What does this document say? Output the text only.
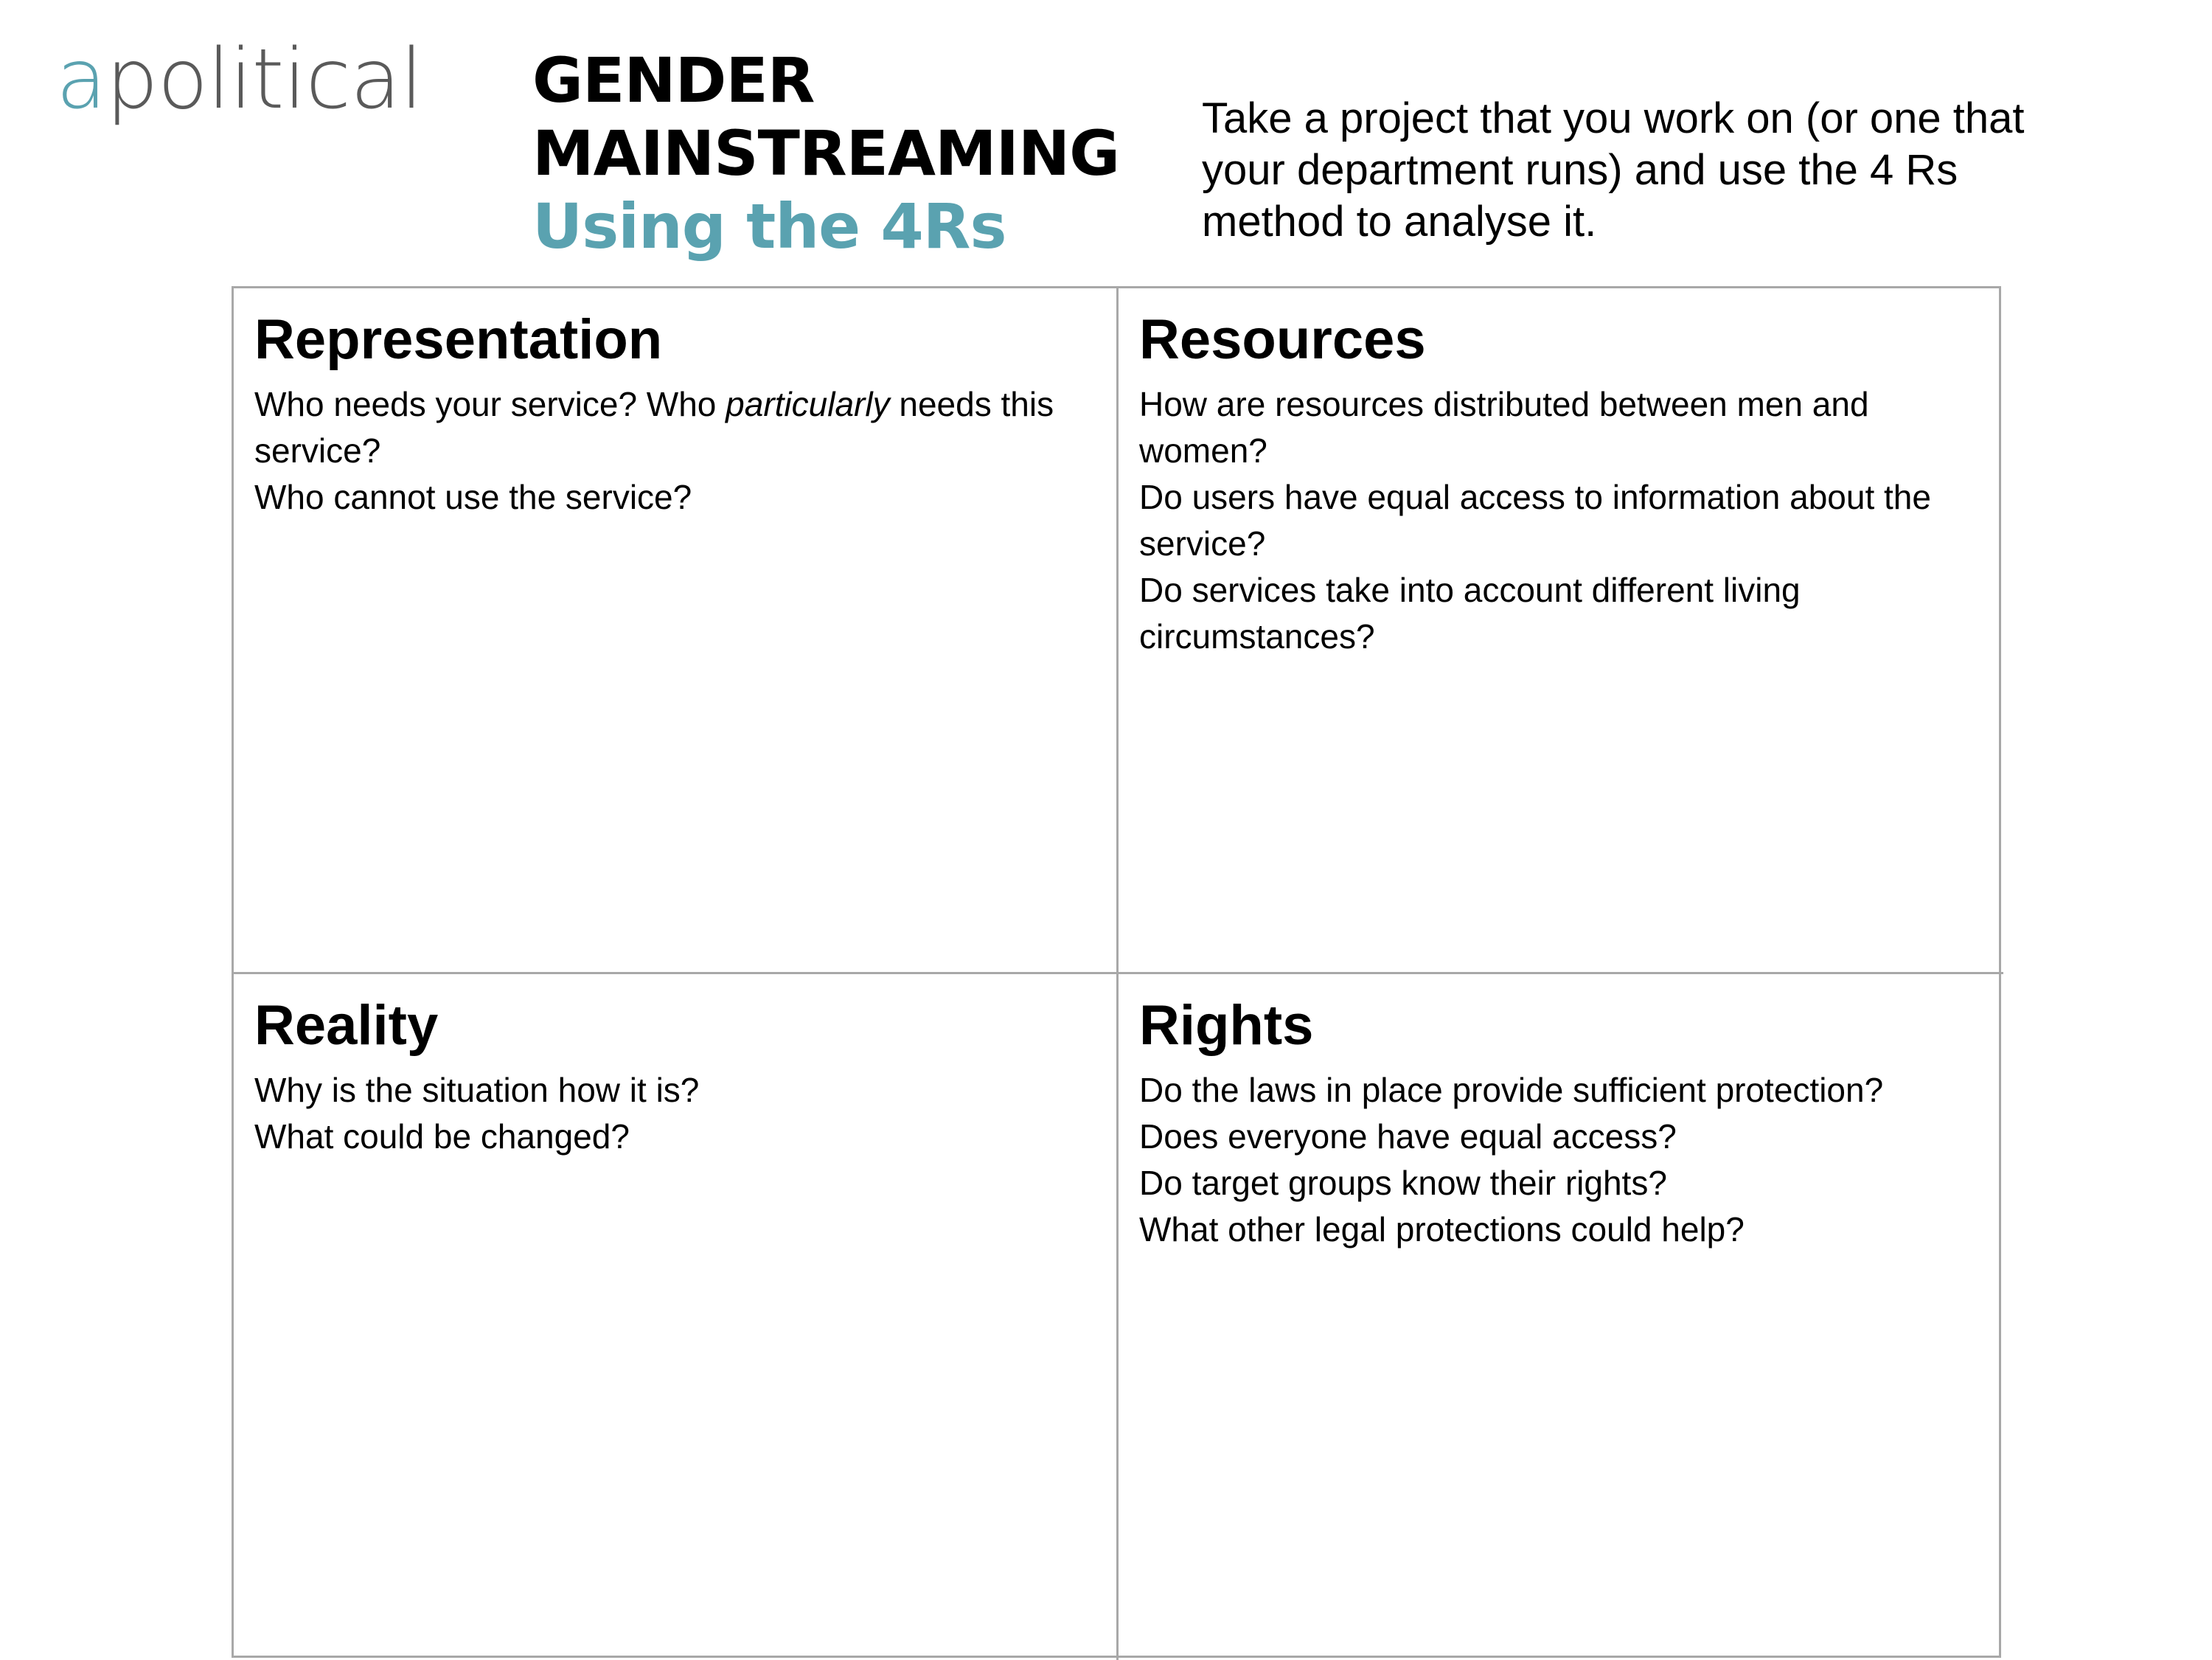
apolitical GENDER
MAINSTREAMING
Using the 4Rs
Take a project that you work on (or one that your department runs) and use the 4 Rs method to analyse it.
Representation

Who needs your service? Who particularly needs this service?

Who cannot use the service?

Resources

How are resources distributed between men and women?

Do users have equal access to information about the service?

Do services take into account different living circumstances?

Reality

Why is the situation how it is?

What could be changed?

Rights

Do the laws in place provide sufficient protection?

Does everyone have equal access?

Do target groups know their rights?

What other legal protections could help?
